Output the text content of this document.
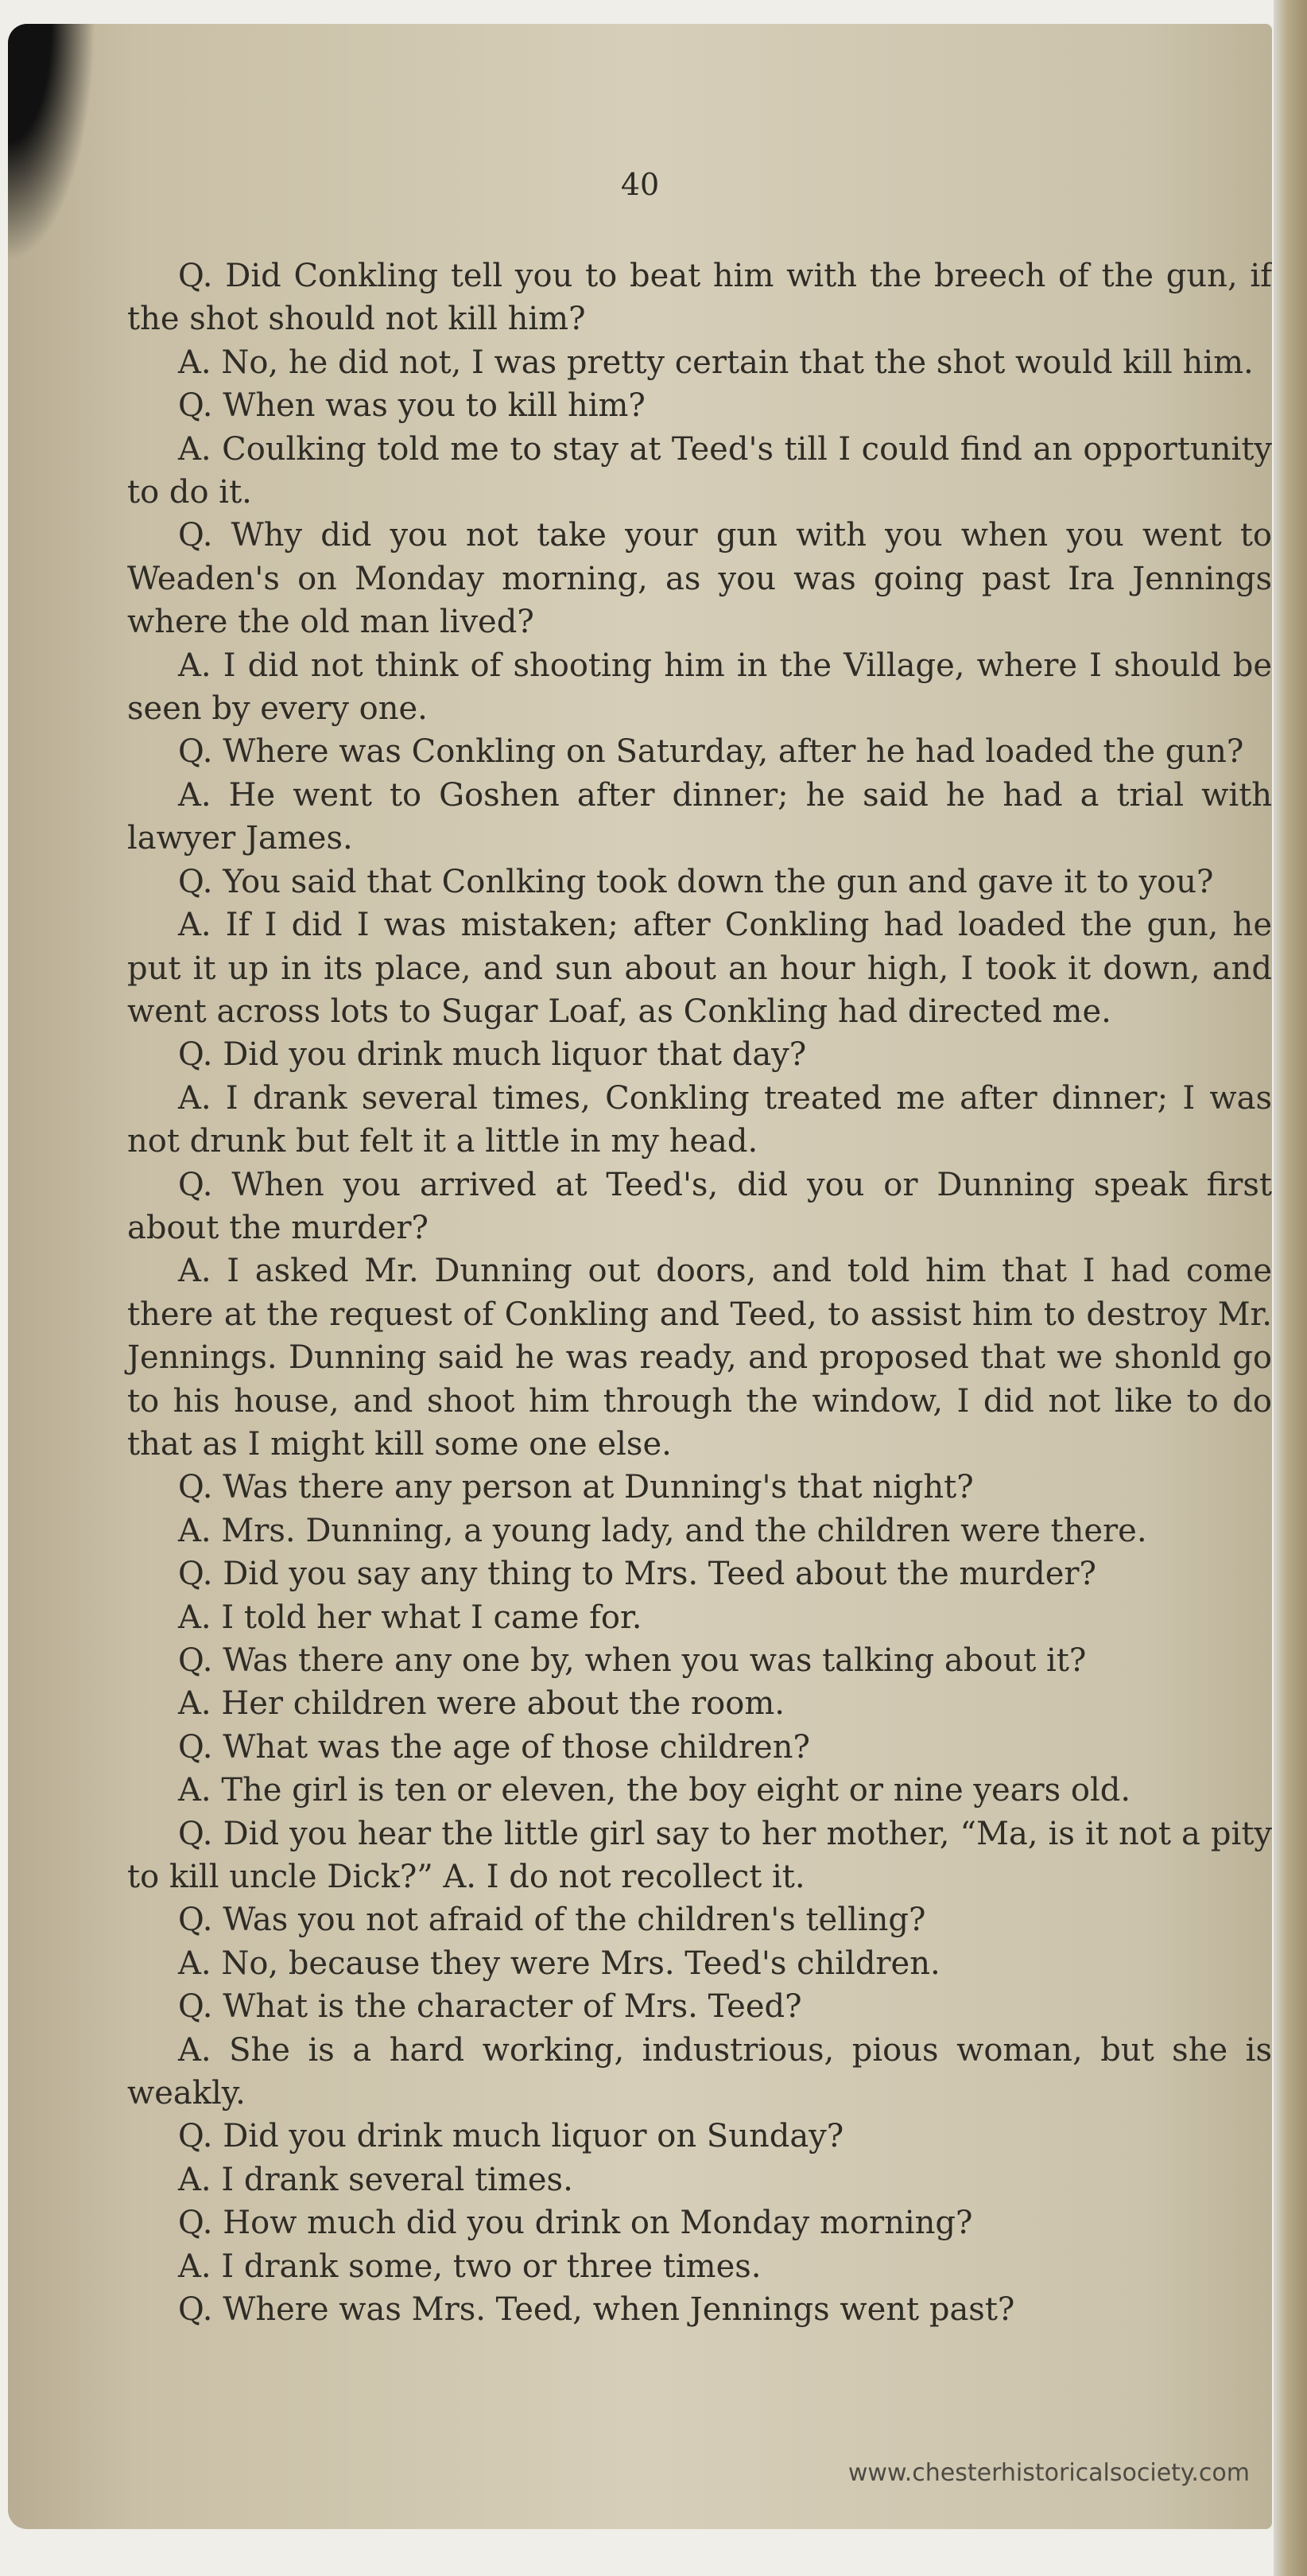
40

Q. Did Conkling tell you to beat him with the breech of the gun, if the shot should not kill him?

A. No, he did not, I was pretty certain that the shot would kill him.

Q. When was you to kill him?

A. Coulking told me to stay at Teed's till I could find an opportunity to do it.

Q. Why did you not take your gun with you when you went to Weaden's on Monday morning, as you was going past Ira Jennings where the old man lived?

A. I did not think of shooting him in the Village, where I should be seen by every one.

Q. Where was Conkling on Saturday, after he had loaded the gun?

A. He went to Goshen after dinner; he said he had a trial with lawyer James.

Q. You said that Conlking took down the gun and gave it to you?

A. If I did I was mistaken; after Conkling had loaded the gun, he put it up in its place, and sun about an hour high, I took it down, and went across lots to Sugar Loaf, as Conkling had directed me.

Q. Did you drink much liquor that day?

A. I drank several times, Conkling treated me after dinner; I was not drunk but felt it a little in my head.

Q. When you arrived at Teed's, did you or Dunning speak first about the murder?

A. I asked Mr. Dunning out doors, and told him that I had come there at the request of Conkling and Teed, to assist him to destroy Mr. Jennings. Dunning said he was ready, and proposed that we shonld go to his house, and shoot him through the window, I did not like to do that as I might kill some one else.

Q. Was there any person at Dunning's that night?

A. Mrs. Dunning, a young lady, and the children were there.

Q. Did you say any thing to Mrs. Teed about the murder?

A. I told her what I came for.

Q. Was there any one by, when you was talking about it?

A. Her children were about the room.

Q. What was the age of those children?

A. The girl is ten or eleven, the boy eight or nine years old.

Q. Did you hear the little girl say to her mother, “Ma, is it not a pity to kill uncle Dick?” A. I do not recollect it.

Q. Was you not afraid of the children's telling?

A. No, because they were Mrs. Teed's children.

Q. What is the character of Mrs. Teed?

A. She is a hard working, industrious, pious woman, but she is weakly.

Q. Did you drink much liquor on Sunday?

A. I drank several times.

Q. How much did you drink on Monday morning?

A. I drank some, two or three times.

Q. Where was Mrs. Teed, when Jennings went past?

www.chesterhistoricalsociety.com
